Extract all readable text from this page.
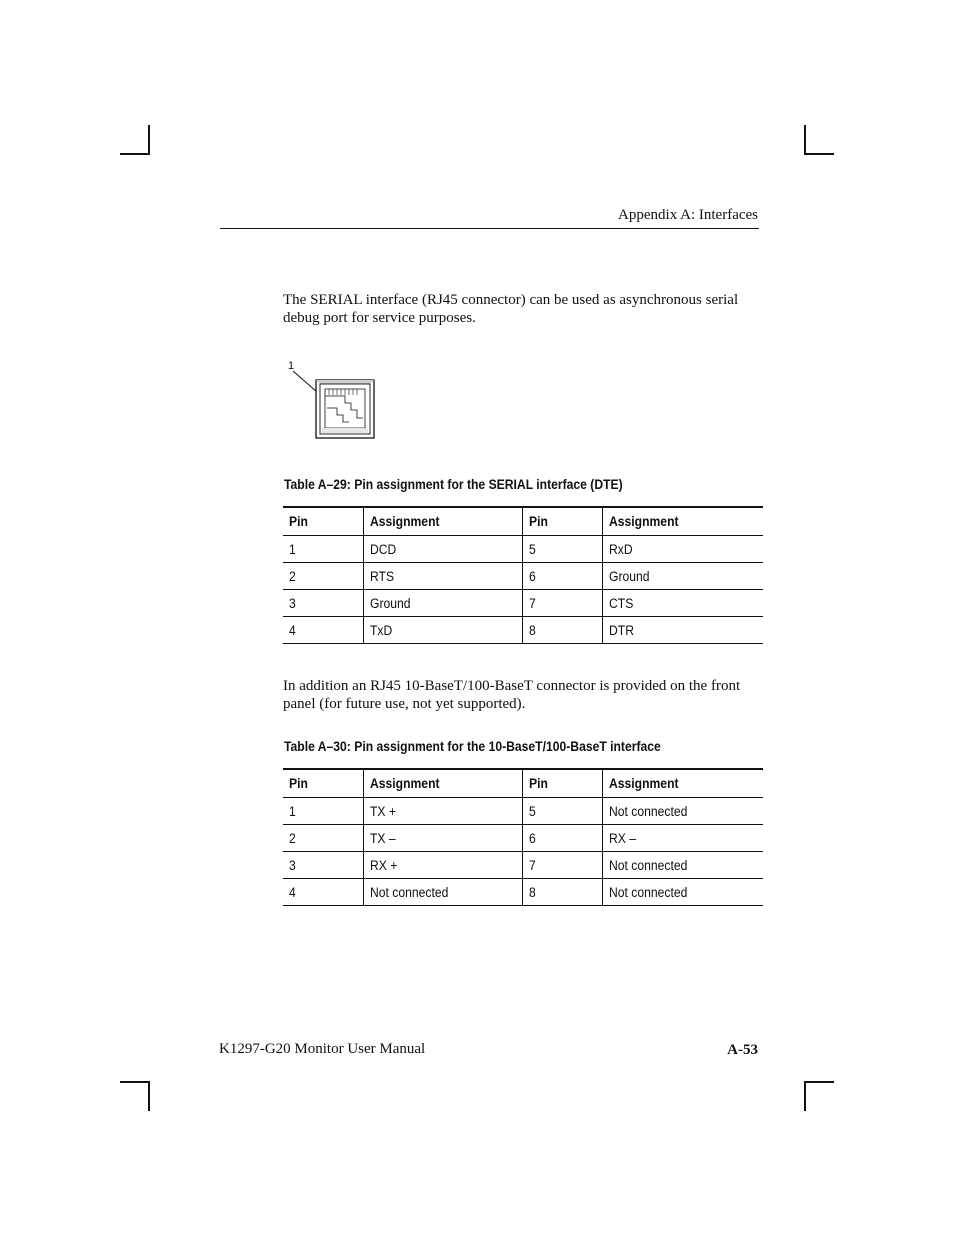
Appendix A: Interfaces
The SERIAL interface (RJ45 connector) can be used as asynchronous serial debug port for service purposes.
1
Table A–29: Pin assignment for the SERIAL interface (DTE)
Pin	Assignment	Pin	Assignment
1	DCD	5	RxD
2	RTS	6	Ground
3	Ground	7	CTS
4	TxD	8	DTR
In addition an RJ45 10-BaseT/100-BaseT connector is provided on the front panel (for future use, not yet supported).
Table A–30: Pin assignment for the 10-BaseT/100-BaseT interface
Pin	Assignment	Pin	Assignment
1	TX +	5	Not connected
2	TX –	6	RX –
3	RX +	7	Not connected
4	Not connected	8	Not connected
K1297-G20 Monitor User Manual	A-53
